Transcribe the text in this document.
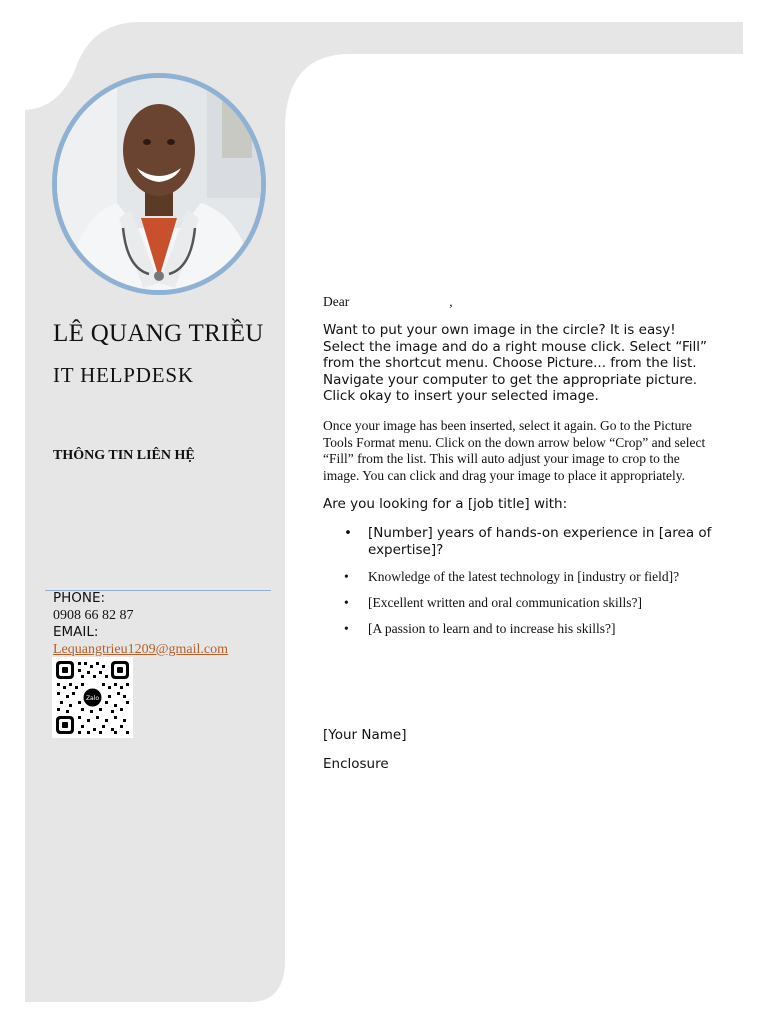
LÊ QUANG TRIỀU
IT HELPDESK
THÔNG TIN LIÊN HỆ
PHONE:
0908 66 82 87
EMAIL:
Lequangtrieu1209@gmail.com
Zalo
Dear	,

Want to put your own image in the circle? It is easy! Select the image and do a right mouse click. Select “Fill” from the shortcut menu. Choose Picture... from the list. Navigate your computer to get the appropriate picture. Click okay to insert your selected image.

Once your image has been inserted, select it again. Go to the Picture Tools Format menu. Click on the down arrow below “Crop” and select “Fill” from the list. This will auto adjust your image to crop to the image. You can click and drag your image to place it appropriately.

Are you looking for a [job title] with:

• [Number] years of hands-on experience in [area of expertise]?
• Knowledge of the latest technology in [industry or field]?
• [Excellent written and oral communication skills?]
• [A passion to learn and to increase his skills?]
[Your Name]
Enclosure
